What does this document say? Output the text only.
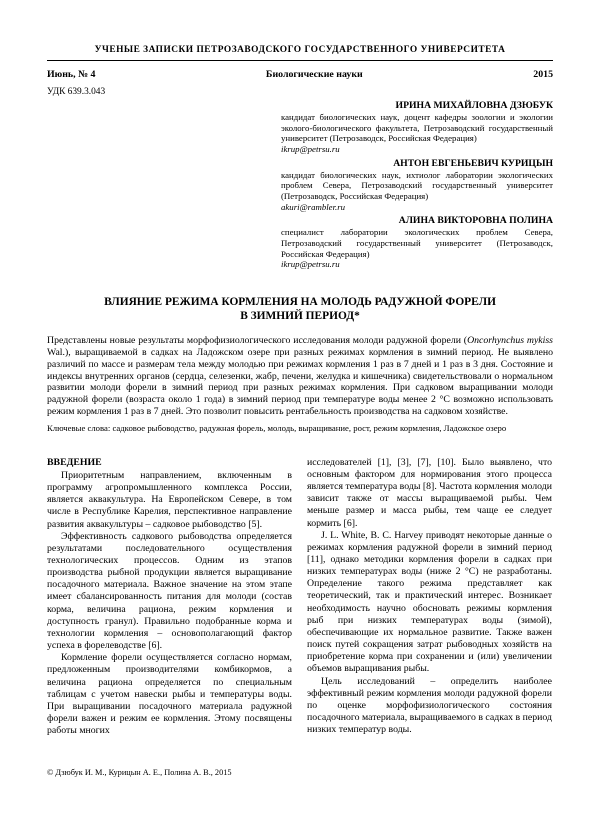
УЧЕНЫЕ ЗАПИСКИ ПЕТРОЗАВОДСКОГО ГОСУДАРСТВЕННОГО УНИВЕРСИТЕТА
Июнь, № 4	Биологические науки	2015
УДК 639.3.043
ИРИНА МИХАЙЛОВНА ДЗЮБУК
кандидат биологических наук, доцент кафедры зоологии и экологии эколого-биологического факультета, Петрозаводский государственный университет (Петрозаводск, Российская Федерация)
ikrup@petrsu.ru
АНТОН ЕВГЕНЬЕВИЧ КУРИЦЫН
кандидат биологических наук, ихтиолог лаборатории экологических проблем Севера, Петрозаводский государственный университет (Петрозаводск, Российская Федерация)
akuri@rambler.ru
АЛИНА ВИКТОРОВНА ПОЛИНА
специалист лаборатории экологических проблем Севера, Петрозаводский государственный университет (Петрозаводск, Российская Федерация)
ikrup@petrsu.ru
ВЛИЯНИЕ РЕЖИМА КОРМЛЕНИЯ НА МОЛОДЬ РАДУЖНОЙ ФОРЕЛИ
В ЗИМНИЙ ПЕРИОД*
Представлены новые результаты морфофизиологического исследования молоди радужной форели (Oncorhynchus mykiss Wal.), выращиваемой в садках на Ладожском озере при разных режимах кормления в зимний период. Не выявлено различий по массе и размерам тела между молодью при режимах кормления 1 раз в 7 дней и 1 раз в 3 дня. Состояние и индексы внутренних органов (сердца, селезенки, жабр, печени, желудка и кишечника) свидетельствовали о нормальном развитии молоди форели в зимний период при разных режимах кормления. При садковом выращивании молоди радужной форели (возраста около 1 года) в зимний период при температуре воды менее 2 °C возможно использовать режим кормления 1 раз в 7 дней. Это позволит повысить рентабельность производства на садковом хозяйстве.
Ключевые слова: садковое рыбоводство, радужная форель, молодь, выращивание, рост, режим кормления, Ладожское озеро
ВВЕДЕНИЕ

Приоритетным направлением, включенным в программу агропромышленного комплекса России, является аквакультура. На Европейском Севере, в том числе в Республике Карелия, перспективное направление развития аквакультуры – садковое рыбоводство [5].

Эффективность садкового рыбоводства определяется результатами последовательного осуществления технологических процессов. Одним из этапов производства рыбной продукции является выращивание посадочного материала. Важное значение на этом этапе имеет сбалансированность питания для молоди (состав корма, величина рациона, режим кормления и доступность гранул). Правильно подобранные корма и технологии кормления – основополагающий фактор успеха в форелеводстве [6].

Кормление форели осуществляется согласно нормам, предложенным производителями комбикормов, а величина рациона определяется по специальным таблицам с учетом навески рыбы и температуры воды. При выращивании посадочного материала радужной форели важен и режим ее кормления. Этому посвящены работы многих

исследователей [1], [3], [7], [10]. Было выявлено, что основным фактором для нормирования этого процесса является температура воды [8]. Частота кормления молоди зависит также от массы выращиваемой рыбы. Чем меньше размер и масса рыбы, тем чаще ее следует кормить [6].

J. L. White, B. C. Harvey приводят некоторые данные о режимах кормления радужной форели в зимний период [11], однако методики кормления форели в садках при низких температурах воды (ниже 2 °C) не разработаны. Определение такого режима представляет как теоретический, так и практический интерес. Возникает необходимость научно обосновать режимы кормления рыб при низких температурах воды (зимой), обеспечивающие их нормальное развитие. Также важен поиск путей сокращения затрат рыбоводных хозяйств на приобретение корма при сохранении и (или) увеличении объемов выращивания рыбы.

Цель исследований – определить наиболее эффективный режим кормления молоди радужной форели по оценке морфофизиологического состояния посадочного материала, выращиваемого в садках в период низких температур воды.

© Дзюбук И. М., Курицын А. Е., Полина А. В., 2015
